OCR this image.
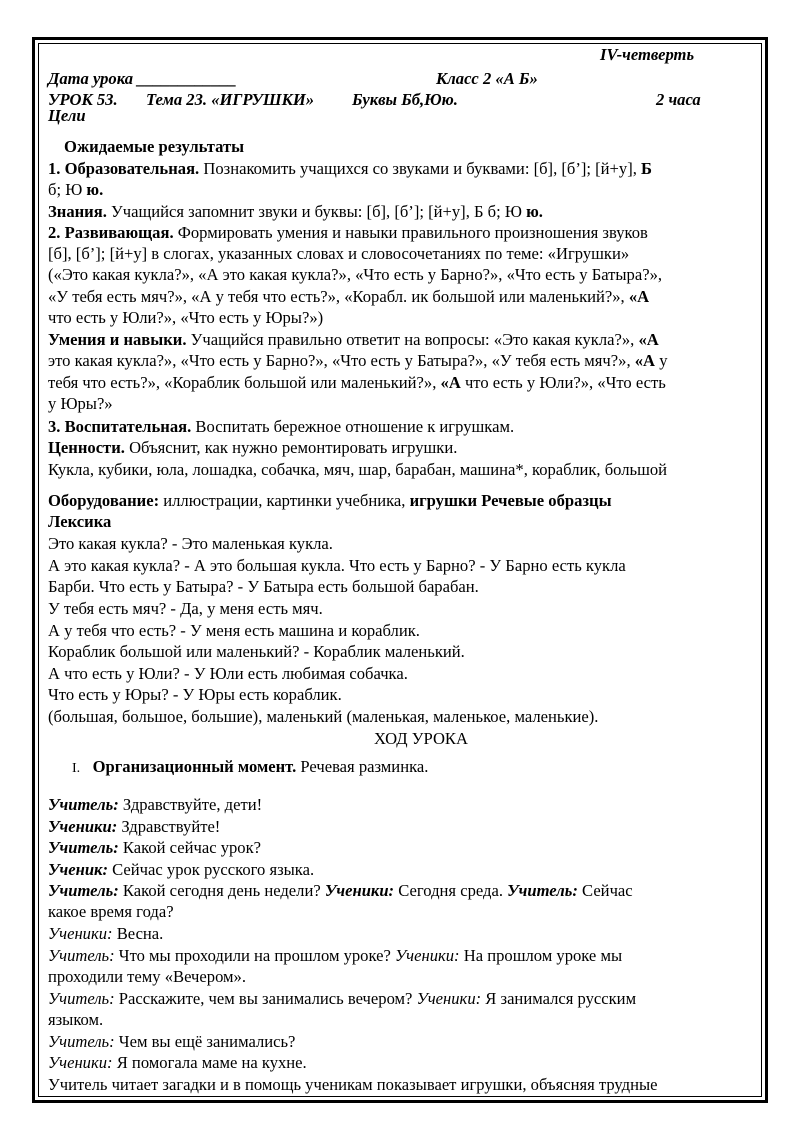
IV-четверть
Дата урока ____________	Класс 2 «А Б»
УРОК 53. Тема 23. «ИГРУШКИ» Буквы Бб,Юю.	2 часа
Цели
Ожидаемые результаты
1. Образовательная. Познакомить учащихся со звуками и буквами: [б], [б’]; [й+у], Б
б; Ю ю.
Знания. Учащийся запомнит звуки и буквы: [б], [б’]; [й+у], Б б; Ю ю.
2. Развивающая. Формировать умения и навыки правильного произношения звуков
[б], [б’]; [й+у] в слогах, указанных словах и словосочетаниях по теме: «Игрушки»
(«Это какая кукла?», «А это какая кукла?», «Что есть у Барно?», «Что есть у Батыра?»,
«У тебя есть мяч?», «А у тебя что есть?», «Корабл. ик большой или маленький?», «А
что есть у Юли?», «Что есть у Юры?»)
Умения и навыки. Учащийся правильно ответит на вопросы: «Это какая кукла?», «А
это какая кукла?», «Что есть у Барно?», «Что есть у Батыра?», «У тебя есть мяч?», «А у
тебя что есть?», «Кораблик большой или маленький?», «А что есть у Юли?», «Что есть
у Юры?»
3. Воспитательная. Воспитать бережное отношение к игрушкам.
Ценности. Объяснит, как нужно ремонтировать игрушки.
Кукла, кубики, юла, лошадка, собачка, мяч, шар, барабан, машина*, кораблик, большой
Оборудование: иллюстрации, картинки учебника, игрушки Речевые образцы
Лексика
Это какая кукла? - Это маленькая кукла.
А это какая кукла? - А это большая кукла. Что есть у Барно? - У Барно есть кукла
Барби. Что есть у Батыра? - У Батыра есть большой барабан.
У тебя есть мяч? - Да, у меня есть мяч.
А у тебя что есть? - У меня есть машина и кораблик.
Кораблик большой или маленький? - Кораблик маленький.
А что есть у Юли? - У Юли есть любимая собачка.
Что есть у Юры? - У Юры есть кораблик.
(большая, большое, большие), маленький (маленькая, маленькое, маленькие).
ХОД УРОКА
I. Организационный момент. Речевая разминка.
Учитель: Здравствуйте, дети!
Ученики: Здравствуйте!
Учитель: Какой сейчас урок?
Ученик: Сейчас урок русского языка.
Учитель: Какой сегодня день недели? Ученики: Сегодня среда. Учитель: Сейчас
какое время года?
Ученики: Весна.
Учитель: Что мы проходили на прошлом уроке? Ученики: На прошлом уроке мы
проходили тему «Вечером».
Учитель: Расскажите, чем вы занимались вечером? Ученики: Я занимался русским
языком.
Учитель: Чем вы ещё занимались?
Ученики: Я помогала маме на кухне.
Учитель читает загадки и в помощь ученикам показывает игрушки, объясняя трудные
